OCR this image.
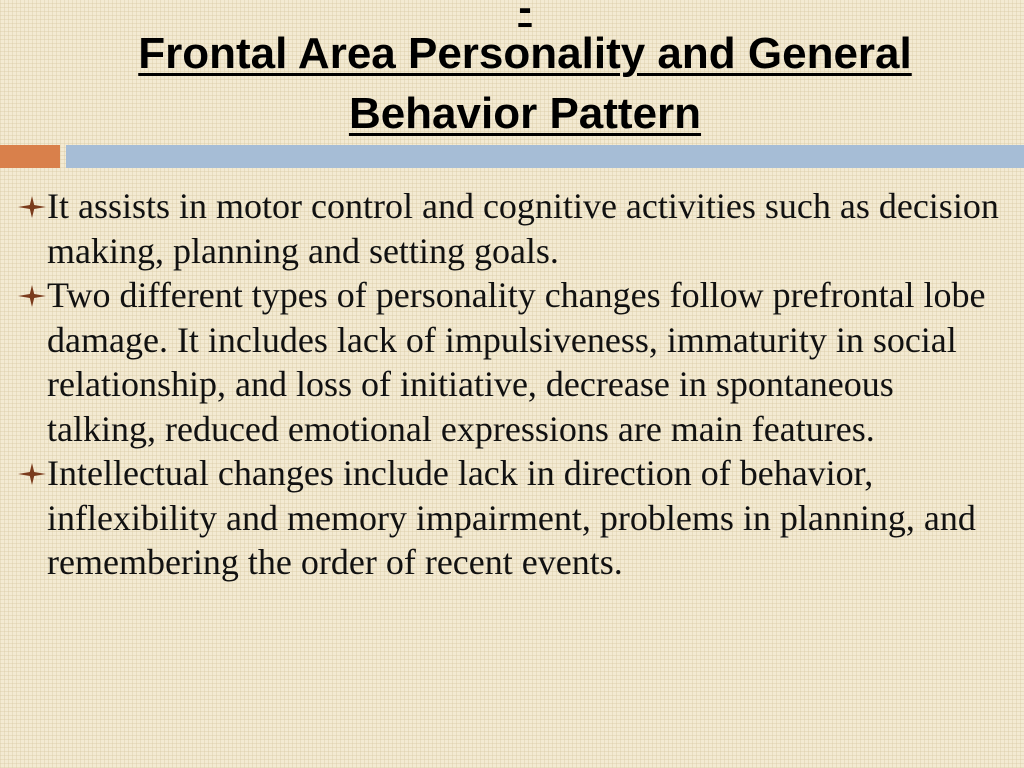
-
Frontal Area Personality and General
Behavior Pattern

It assists in motor control and cognitive activities such as decision making, planning and setting goals.

Two different types of personality changes follow prefrontal lobe damage. It includes lack of impulsiveness, immaturity in social relationship, and loss of initiative, decrease in spontaneous talking, reduced emotional expressions are main features.

Intellectual changes include lack in direction of behavior, inflexibility and memory impairment, problems in planning, and remembering the order of recent events.
